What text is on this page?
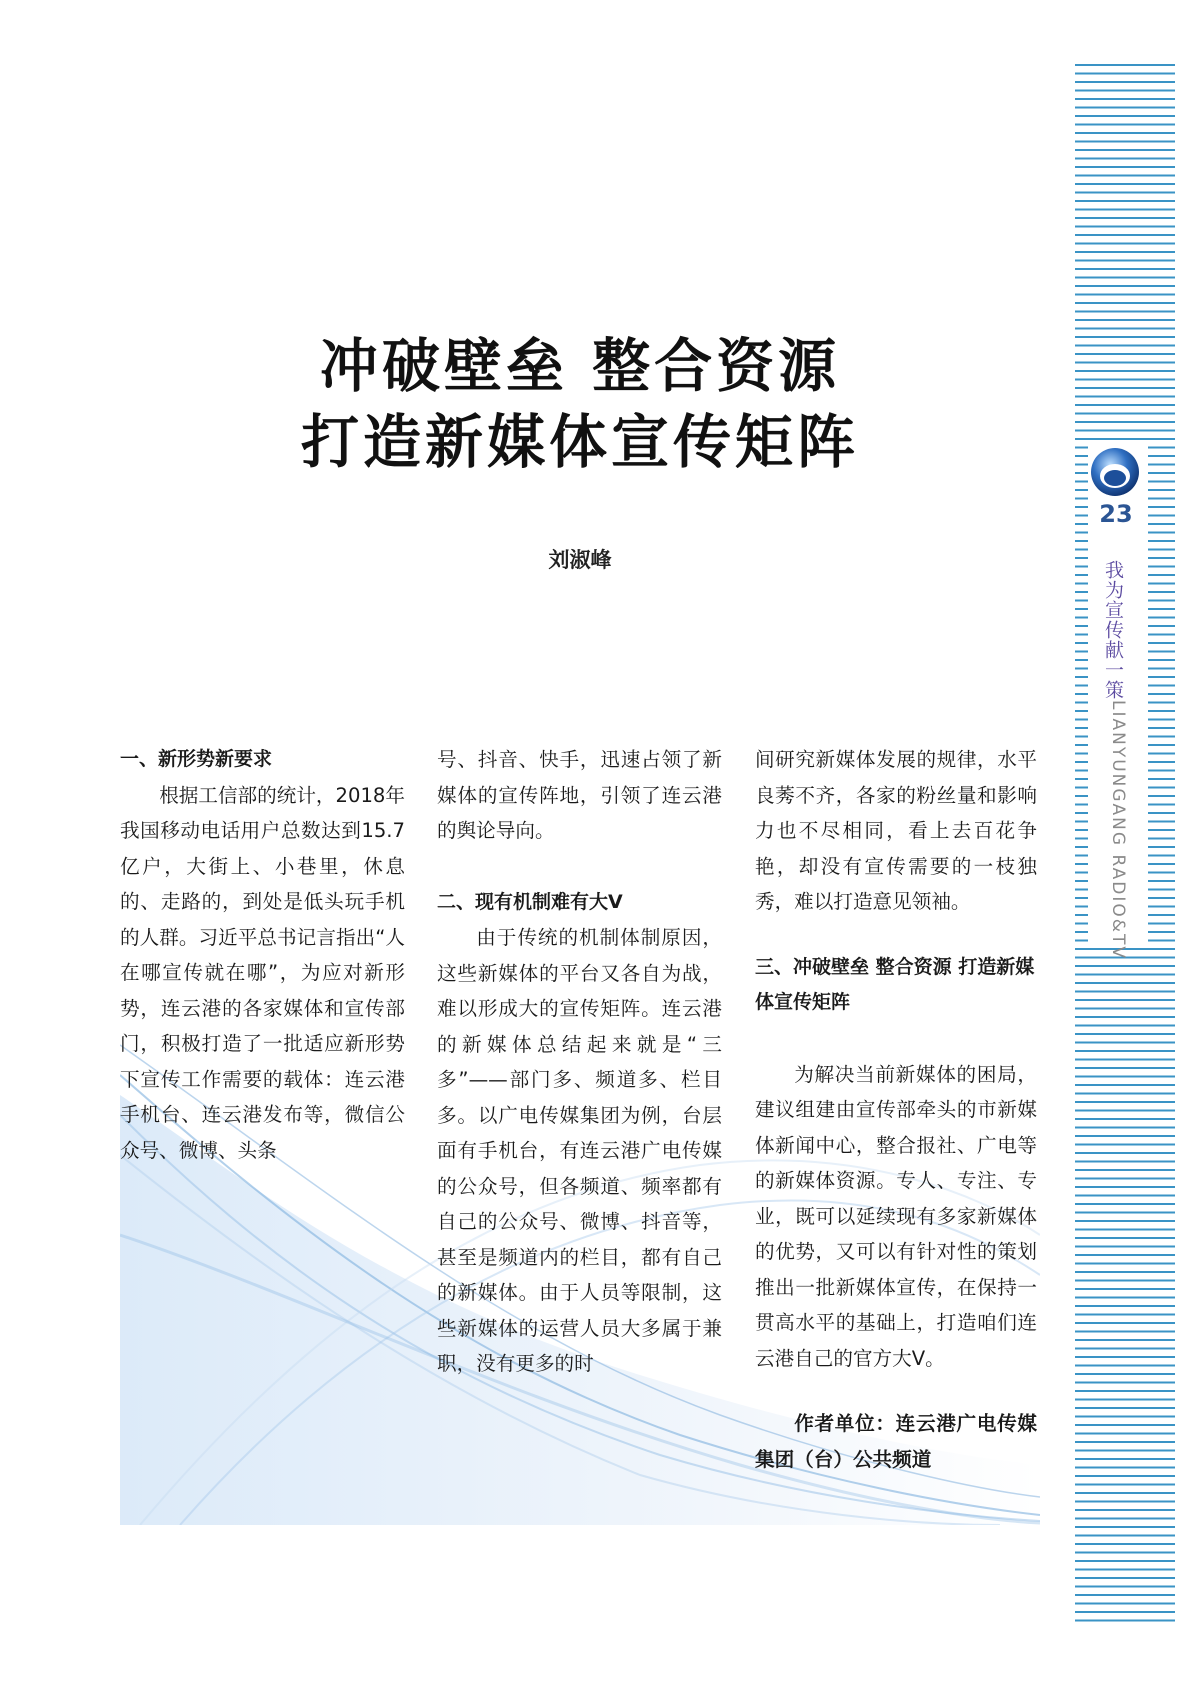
23
我为宣传献一策
LIANYUNGANG RADIO&TV
冲破壁垒 整合资源
打造新媒体宣传矩阵
刘淑峰
一、新形势新要求

根据工信部的统计，2018年我国移动电话用户总数达到15.7亿户，大街上、小巷里，休息的、走路的，到处是低头玩手机的人群。习近平总书记言指出“人在哪宣传就在哪”，为应对新形势，连云港的各家媒体和宣传部门，积极打造了一批适应新形势下宣传工作需要的载体：连云港手机台、连云港发布等，微信公众号、微博、头条

号、抖音、快手，迅速占领了新媒体的宣传阵地，引领了连云港的舆论导向。

二、现有机制难有大V

由于传统的机制体制原因，这些新媒体的平台又各自为战，难以形成大的宣传矩阵。连云港的新媒体总结起来就是“三多”——部门多、频道多、栏目多。以广电传媒集团为例，台层面有手机台，有连云港广电传媒的公众号，但各频道、频率都有自己的公众号、微博、抖音等，甚至是频道内的栏目，都有自己的新媒体。由于人员等限制，这些新媒体的运营人员大多属于兼职，没有更多的时

间研究新媒体发展的规律，水平良莠不齐，各家的粉丝量和影响力也不尽相同，看上去百花争艳，却没有宣传需要的一枝独秀，难以打造意见领袖。

三、冲破壁垒 整合资源 打造新媒体宣传矩阵

为解决当前新媒体的困局，建议组建由宣传部牵头的市新媒体新闻中心，整合报社、广电等的新媒体资源。专人、专注、专业，既可以延续现有多家新媒体的优势，又可以有针对性的策划推出一批新媒体宣传，在保持一贯高水平的基础上，打造咱们连云港自己的官方大V。

作者单位：连云港广电传媒集团（台）公共频道
